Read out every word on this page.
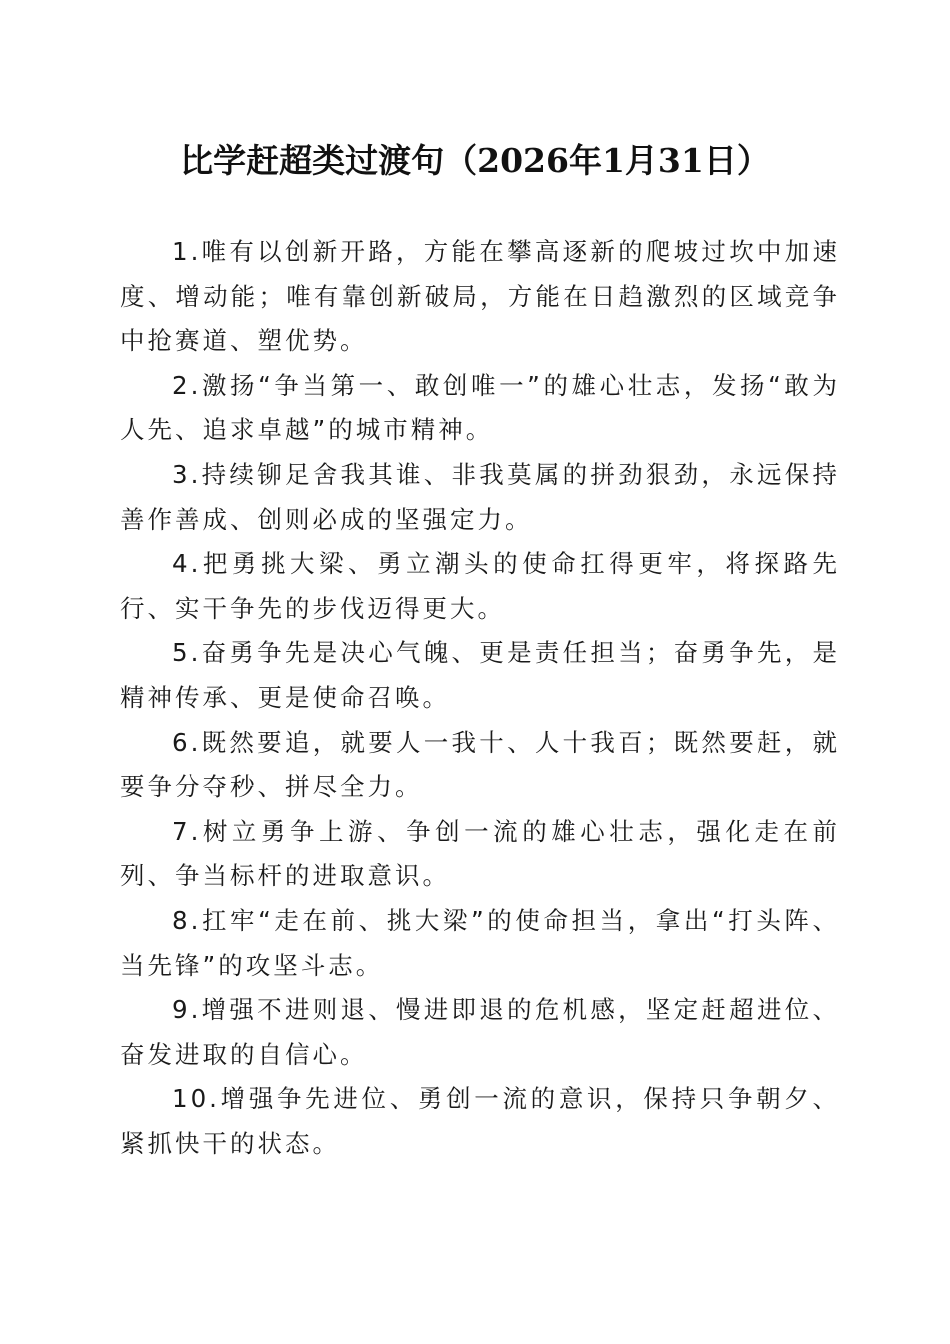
比学赶超类过渡句（2026年1月31日）

1.唯有以创新开路，方能在攀高逐新的爬坡过坎中加速度、增动能；唯有靠创新破局，方能在日趋激烈的区域竞争中抢赛道、塑优势。

2.激扬“争当第一、敢创唯一”的雄心壮志，发扬“敢为人先、追求卓越”的城市精神。

3.持续铆足舍我其谁、非我莫属的拼劲狠劲，永远保持善作善成、创则必成的坚强定力。

4.把勇挑大梁、勇立潮头的使命扛得更牢，将探路先行、实干争先的步伐迈得更大。

5.奋勇争先是决心气魄、更是责任担当；奋勇争先，是精神传承、更是使命召唤。

6.既然要追，就要人一我十、人十我百；既然要赶，就要争分夺秒、拼尽全力。

7.树立勇争上游、争创一流的雄心壮志，强化走在前列、争当标杆的进取意识。

8.扛牢“走在前、挑大梁”的使命担当，拿出“打头阵、当先锋”的攻坚斗志。

9.增强不进则退、慢进即退的危机感，坚定赶超进位、奋发进取的自信心。

10.增强争先进位、勇创一流的意识，保持只争朝夕、紧抓快干的状态。
